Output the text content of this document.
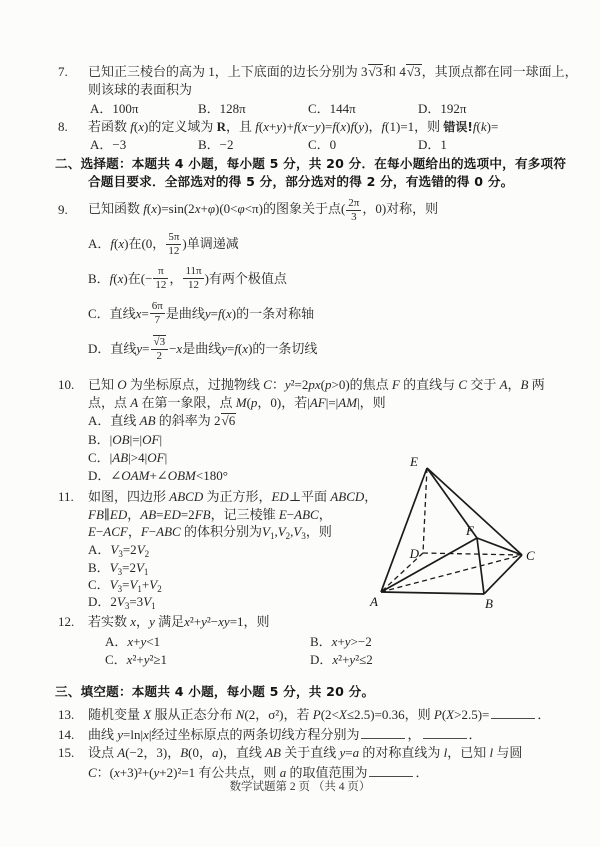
7. 已知正三棱台的高为 1，上下底面的边长分别为 3 √ 3和 4 √ 3，其顶点都在同一球面上，
则该球的表面积为
A．100π	B．128π	C．144π	D．192π
8. 若函数 f(x)的定义域为 R，且 f(x+y)+f(x−y)=f(x)f(y)，f(1)=1，则 错误!f(k)=
A．−3	B．−2	C．0	D．1
二、选择题：本题共 4 小题，每小题 5 分，共 20 分．在每小题给出的选项中，有多项符
合题目要求．全部选对的得 5 分，部分选对的得 2 分，有选错的得 0 分。
9.	已知函数 f(x)=sin(2x+φ)(0<φ<π)的图象关于点( $\frac{2\pi}{3}$ ，0)对称，则
A． f ( x )在(0， 5π
12 )单调递减
B． f ( x )在(− π
12 ， 11π
12 )有两个极值点
C．直线 x = 6π
7 是曲线 y = f ( x )的一条对称轴
D．直线 y = √ 3
2 − x 是曲线 y = f ( x )的一条切线
10. 已知 O 为坐标原点，过抛物线 C：y²=2px(p>0)的焦点 F 的直线与 C 交于 A，B 两
点，点 A 在第一象限，点 M(p，0)，若|AF|=|AM|，则
A．直线 AB 的斜率为 2 √ 6
B．|OB|=|OF|
C．|AB|>4|OF|
D．∠OAM+∠OBM<180°
11. 如图，四边形 ABCD 为正方形，ED⊥平面 ABCD，
FB∥ED，AB=ED=2FB，记三棱锥 E−ABC，
E−ACF，F−ABC 的体积分别为$V_1,V_2,V_3$，则
A．$V_3=2V_2$
B．$V_3=2V_1$
C．$V_3=V_1+V_2$
D．$2V_3=3V_1$
E
D
F
A	B
C
12. 若实数 x，y 满足x²+y²−xy=1，则
A．x+y<1	B．x+y>−2
C．x²+y²≥1	D．x²+y²≤2
三、填空题：本题共 4 小题，每小题 5 分，共 20 分。
13. 随机变量 X 服从正态分布 N(2，σ²)，若 P(2<X≤2.5)=0.36，则 P(X>2.5)=	．
14. 曲线 y=ln|x|经过坐标原点的两条切线方程分别为	，	．
15. 设点 A(−2，3)，B(0，a)，直线 AB 关于直线 y=a 的对称直线为 l，已知 l 与圆
C：(x+3)²+(y+2)²=1 有公共点，则 a 的取值范围为	．
数学试题第 2 页 （共 4 页）
